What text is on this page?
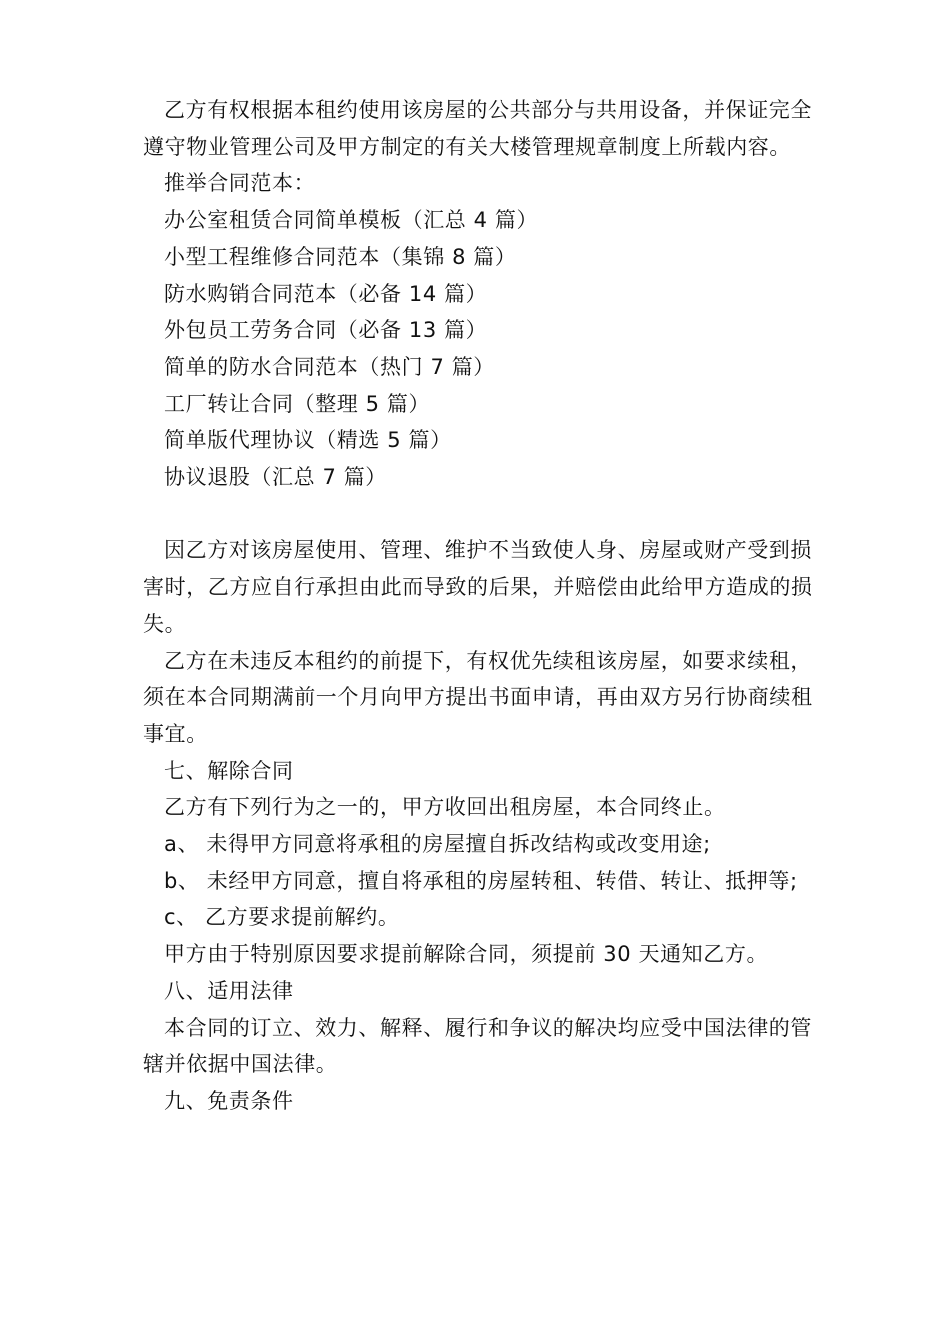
乙方有权根据本租约使用该房屋的公共部分与共用设备，并保证完全遵守物业管理公司及甲方制定的有关大楼管理规章制度上所载内容。

推举合同范本：

办公室租赁合同简单模板（汇总 4 篇）

小型工程维修合同范本（集锦 8 篇）

防水购销合同范本（必备 14 篇）

外包员工劳务合同（必备 13 篇）

简单的防水合同范本（热门 7 篇）

工厂转让合同（整理 5 篇）

简单版代理协议（精选 5 篇）

协议退股（汇总 7 篇）

因乙方对该房屋使用、管理、维护不当致使人身、房屋或财产受到损害时，乙方应自行承担由此而导致的后果，并赔偿由此给甲方造成的损失。

乙方在未违反本租约的前提下，有权优先续租该房屋，如要求续租，须在本合同期满前一个月向甲方提出书面申请，再由双方另行协商续租事宜。

七、解除合同

乙方有下列行为之一的，甲方收回出租房屋，本合同终止。

a、 未得甲方同意将承租的房屋擅自拆改结构或改变用途;

b、 未经甲方同意，擅自将承租的房屋转租、转借、转让、抵押等;

c、 乙方要求提前解约。

甲方由于特别原因要求提前解除合同，须提前 30 天通知乙方。

八、适用法律

本合同的订立、效力、解释、履行和争议的解决均应受中国法律的管辖并依据中国法律。

九、免责条件
